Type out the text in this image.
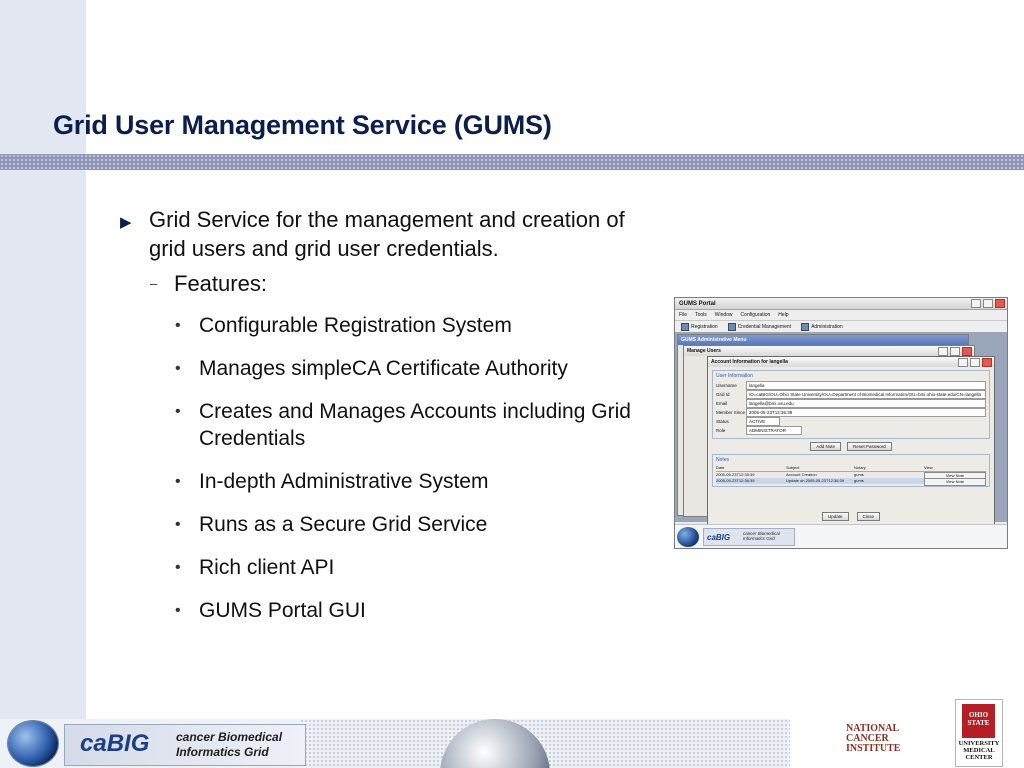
Grid User Management Service (GUMS)
▶ Grid Service for the management and creation of grid users and grid user credentials.
– Features:
• Configurable Registration System
• Manages simpleCA Certificate Authority
• Creates and Manages Accounts including Grid Credentials
• In-depth Administrative System
• Runs as a Secure Grid Service
• Rich client API
• GUMS Portal GUI
GUMS Portal
File Tools Window Configuration Help
Registration	Credential Management	Administration
GUMS Administrative Menu
Manage Users
Account Information for langella
User Information
Username	langella
Grid Id	/O=caBIG/OU=Ohio State University/OU=Department of Biomedical Informatics/OU=bmi.ohio-state.edu/CN=langella
Email	langella@bmi.osu.edu
Member Since 2005-05-23T12:35:39
Status	ACTIVE
Role	ADMINISTRATOR
Add Note	Reset Password
Notes
Date	Subject	Notary	View
2005-05-23T12:35:39	Account Creation	gums	View Note
2005-05-23T12:36:39	Update on 2005-05-23T12:36:39	gums	View Note
Update	Close
caBIG	cancer Biomedical Informatics Grid
caBIG cancer Biomedical
Informatics Grid
NATIONAL
CANCER
INSTITUTE
OHIO STATE
UNIVERSITY
MEDICAL
CENTER
